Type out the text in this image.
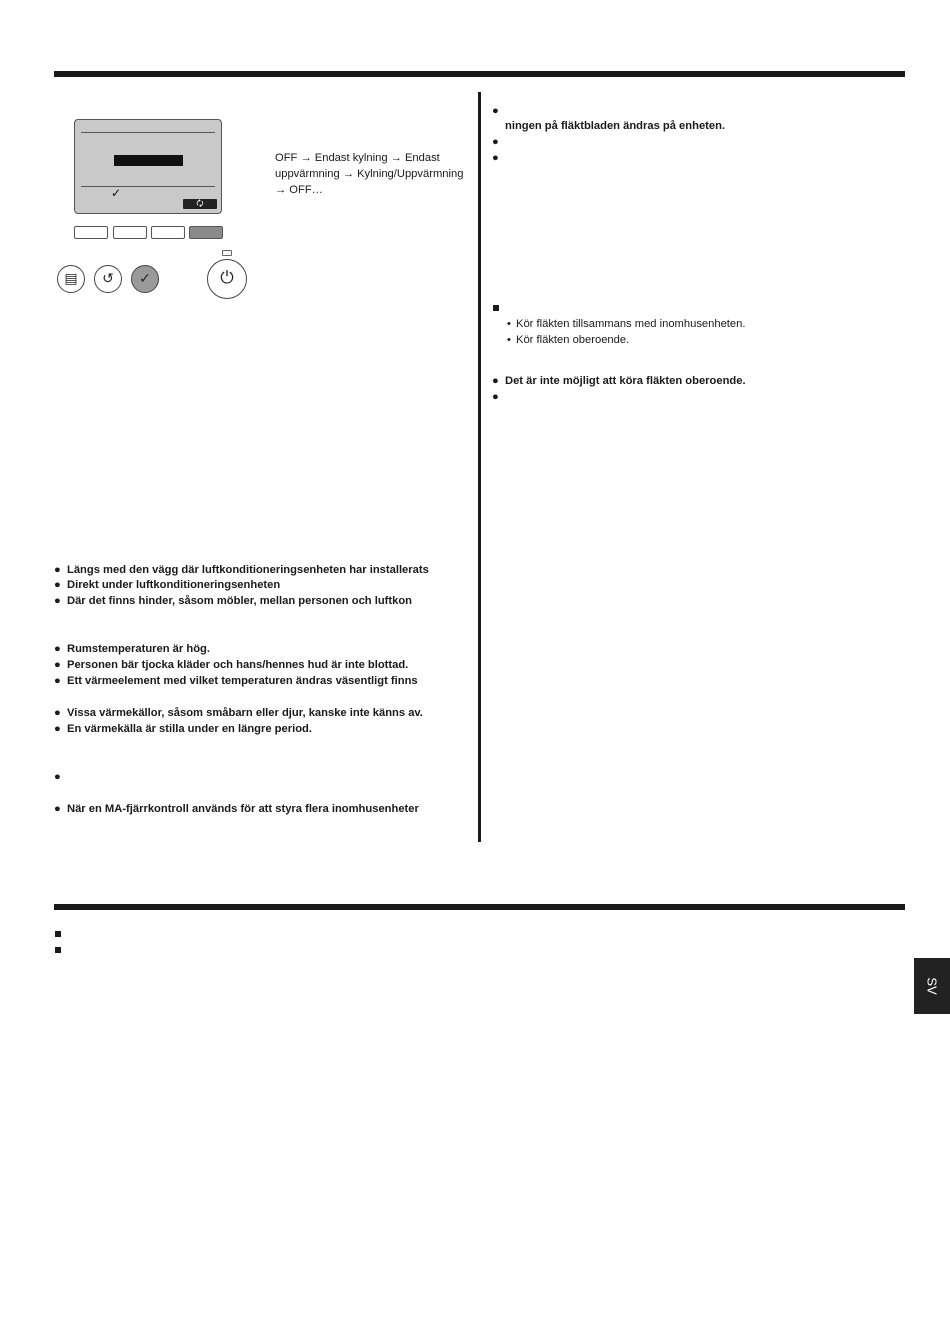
✓
🗘
▤	↺	✓	⏻
OFF → Endast kylning → Endast uppvärmning → Kylning/Uppvärmning → OFF…
●
ningen på fläktbladen ändras på enheten.
●
●
• Kör fläkten tillsammans med inomhusenheten.
• Kör fläkten oberoende.
● Det är inte möjligt att köra fläkten oberoende.
●
● Längs med den vägg där luftkonditioneringsenheten har installerats
● Direkt under luftkonditioneringsenheten
● Där det finns hinder, såsom möbler, mellan personen och luftkon
● Rumstemperaturen är hög.
● Personen bär tjocka kläder och hans/hennes hud är inte blottad.
● Ett värmeelement med vilket temperaturen ändras väsentligt finns
● Vissa värmekällor, såsom småbarn eller djur, kanske inte känns av.
● En värmekälla är stilla under en längre period.
●
● När en MA-fjärrkontroll används för att styra flera inomhusenheter
SV
